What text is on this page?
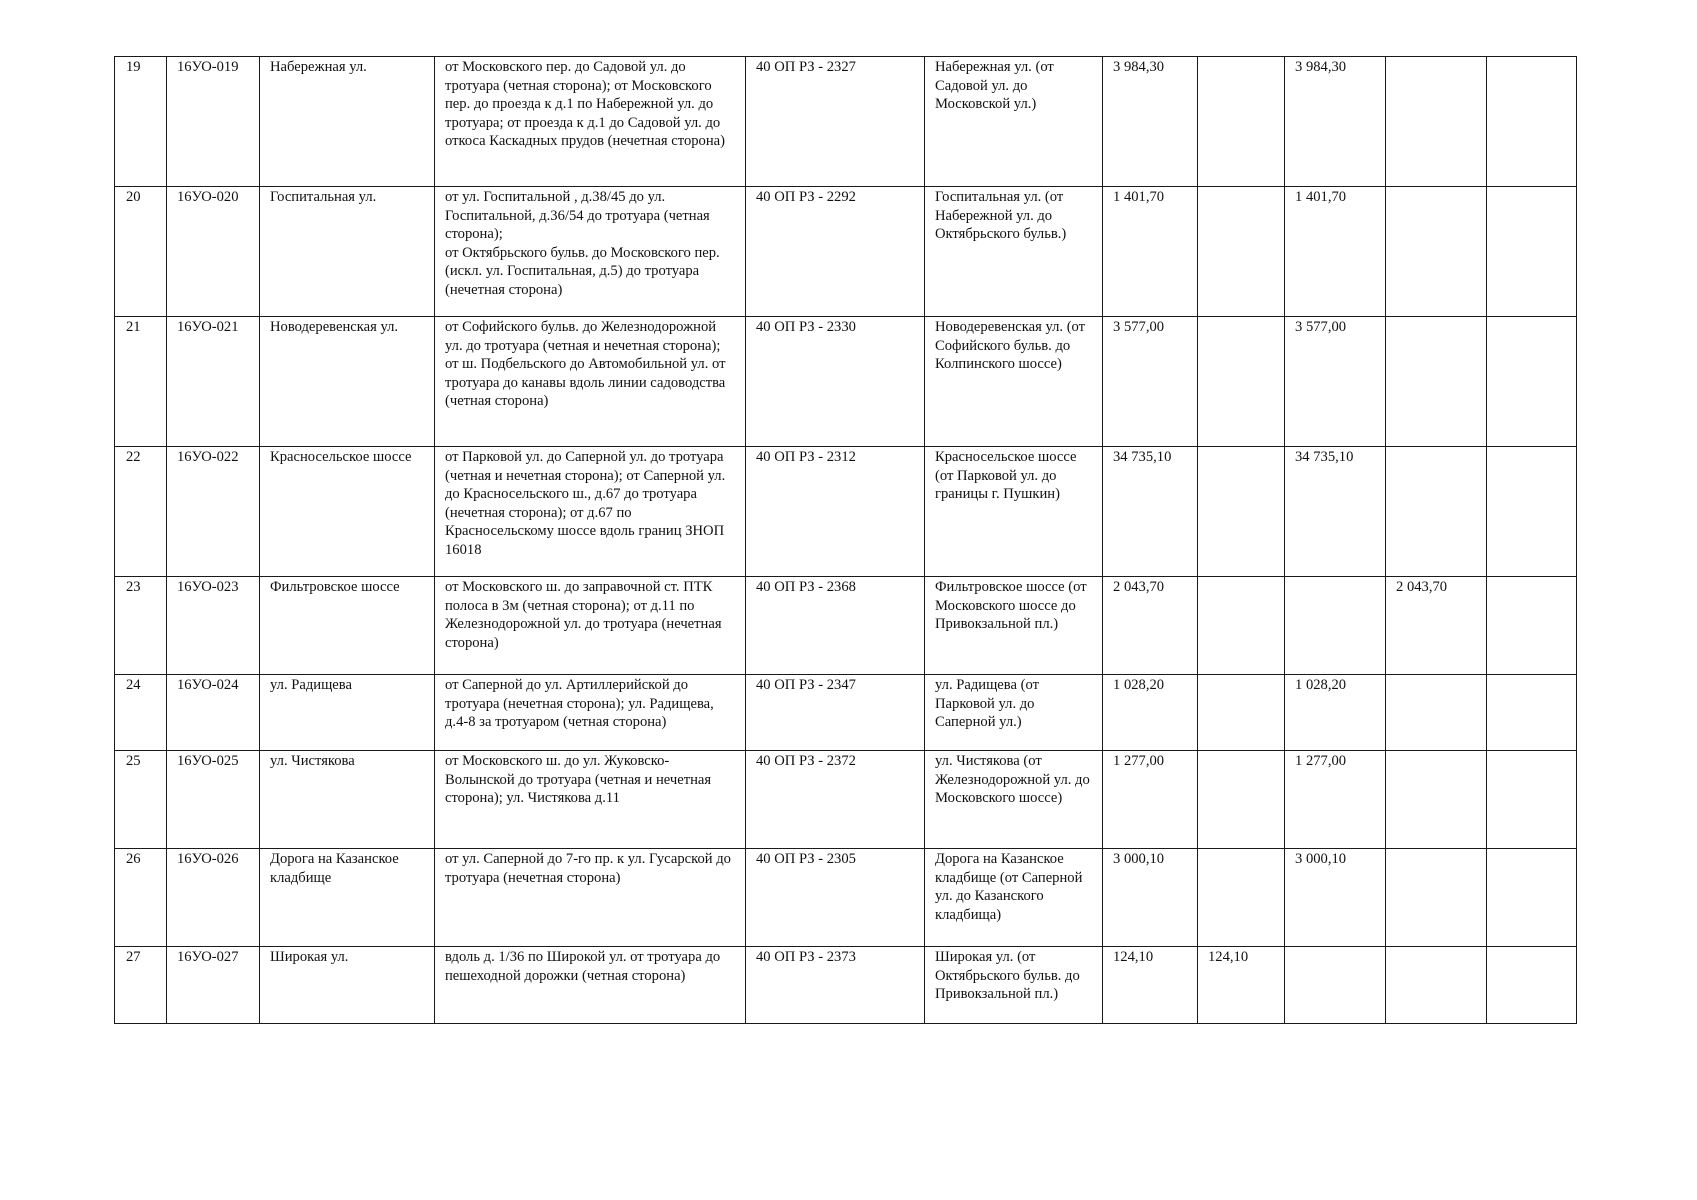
19	16УО-019	Набережная ул.	от Московского пер. до Садовой ул. до тротуара (четная сторона); от Московского пер. до проезда к д.1 по Набережной ул. до тротуара; от проезда к д.1 до Садовой ул. до откоса Каскадных прудов (нечетная сторона)	40 ОП РЗ - 2327	Набережная ул. (от Садовой ул. до Московской ул.)	3 984,30		3 984,30		
20	16УО-020	Госпитальная ул.	от ул. Госпитальной , д.38/45 до ул. Госпитальной, д.36/54 до тротуара (четная сторона);
от Октябрьского бульв. до Московского пер. (искл. ул. Госпитальная, д.5) до тротуара (нечетная сторона)	40 ОП РЗ - 2292	Госпитальная ул. (от Набережной ул. до Октябрьского бульв.)	1 401,70		1 401,70		
21	16УО-021	Новодеревенская ул.	от Софийского бульв. до Железнодорожной ул. до тротуара (четная и нечетная сторона); от ш. Подбельского до Автомобильной ул. от тротуара до канавы вдоль линии садоводства (четная сторона)	40 ОП РЗ - 2330	Новодеревенская ул. (от Софийского бульв. до Колпинского шоссе)	3 577,00		3 577,00		
22	16УО-022	Красносельское шоссе	от Парковой ул. до Саперной ул. до тротуара (четная и нечетная сторона); от Саперной ул. до Красносельского ш., д.67 до тротуара (нечетная сторона); от д.67 по Красносельскому шоссе вдоль границ ЗНОП 16018	40 ОП РЗ - 2312	Красносельское шоссе (от Парковой ул. до границы г. Пушкин)	34 735,10		34 735,10		
23	16УО-023	Фильтровское шоссе	от Московского ш. до заправочной ст. ПТК полоса в 3м (четная сторона); от д.11 по Железнодорожной ул. до тротуара (нечетная сторона)	40 ОП РЗ - 2368	Фильтровское шоссе (от Московского шоссе до Привокзальной пл.)	2 043,70			2 043,70	
24	16УО-024	ул. Радищева	от Саперной до ул. Артиллерийской до тротуара (нечетная сторона); ул. Радищева, д.4-8 за тротуаром (четная сторона)	40 ОП РЗ - 2347	ул. Радищева (от Парковой ул. до Саперной ул.)	1 028,20		1 028,20		
25	16УО-025	ул. Чистякова	от Московского ш. до ул. Жуковско-Волынской до тротуара (четная и нечетная сторона); ул. Чистякова д.11	40 ОП РЗ - 2372	ул. Чистякова (от Железнодорожной ул. до Московского шоссе)	1 277,00		1 277,00		
26	16УО-026	Дорога на Казанское кладбище	от ул. Саперной до 7-го пр. к ул. Гусарской до тротуара (нечетная сторона)	40 ОП РЗ - 2305	Дорога на Казанское кладбище (от Саперной ул. до Казанского кладбища)	3 000,10		3 000,10		
27	16УО-027	Широкая ул.	вдоль д. 1/36 по Широкой ул. от тротуара до пешеходной дорожки (четная сторона)	40 ОП РЗ - 2373	Широкая ул. (от Октябрьского бульв. до Привокзальной пл.)	124,10	124,10			
